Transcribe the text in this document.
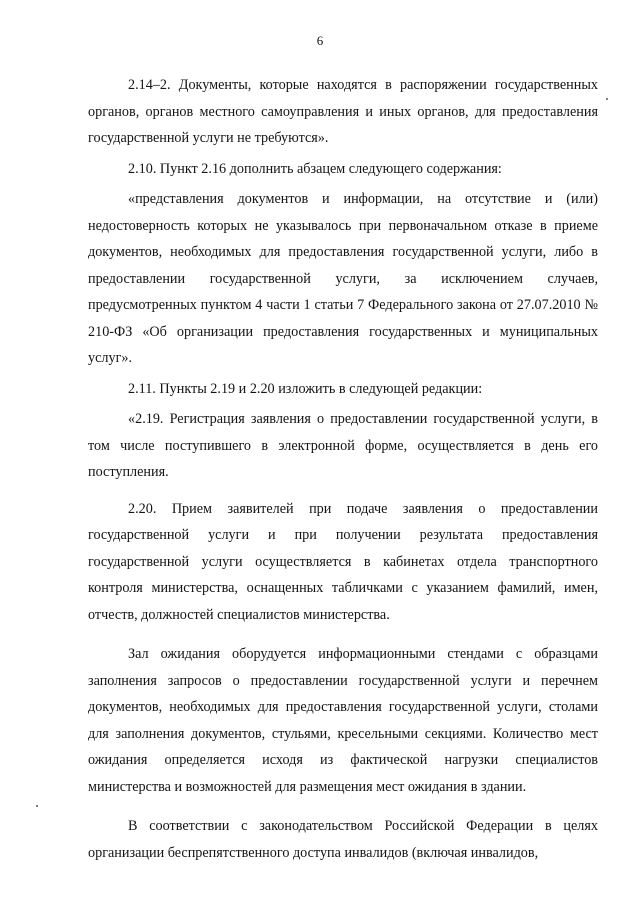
6

2.14–2. Документы, которые находятся в распоряжении государственных органов, органов местного самоуправления и иных органов, для предоставления государственной услуги не требуются».

2.10. Пункт 2.16 дополнить абзацем следующего содержания:

«представления документов и информации, на отсутствие и (или) недостоверность которых не указывалось при первоначальном отказе в приеме документов, необходимых для предоставления государственной услуги, либо в предоставлении государственной услуги, за исключением случаев, предусмотренных пунктом 4 части 1 статьи 7 Федерального закона от 27.07.2010 № 210-ФЗ «Об организации предоставления государственных и муниципальных услуг».

2.11. Пункты 2.19 и 2.20 изложить в следующей редакции:

«2.19. Регистрация заявления о предоставлении государственной услуги, в том числе поступившего в электронной форме, осуществляется в день его поступления.

2.20. Прием заявителей при подаче заявления о предоставлении государственной услуги и при получении результата предоставления государственной услуги осуществляется в кабинетах отдела транспортного контроля министерства, оснащенных табличками с указанием фамилий, имен, отчеств, должностей специалистов министерства.

Зал ожидания оборудуется информационными стендами с образцами заполнения запросов о предоставлении государственной услуги и перечнем документов, необходимых для предоставления государственной услуги, столами для заполнения документов, стульями, кресельными секциями. Количество мест ожидания определяется исходя из фактической нагрузки специалистов министерства и возможностей для размещения мест ожидания в здании.

В соответствии с законодательством Российской Федерации в целях организации беспрепятственного доступа инвалидов (включая инвалидов,
